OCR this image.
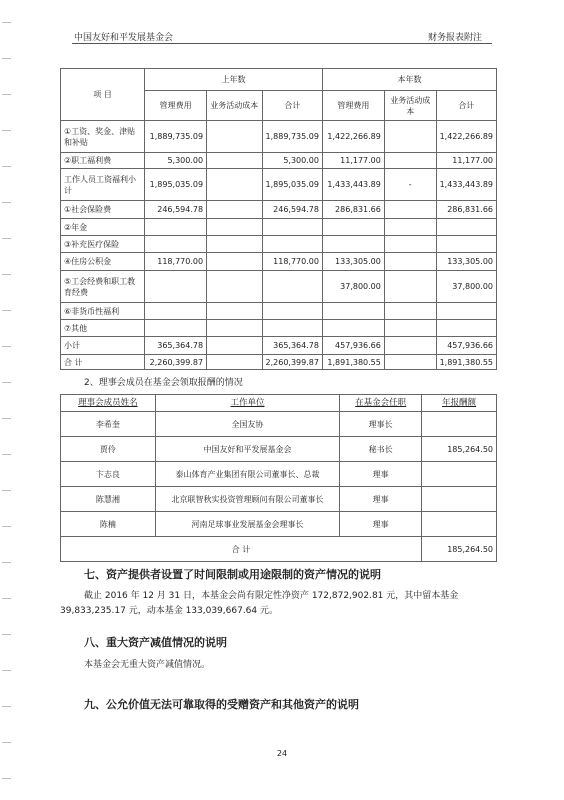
中国友好和平发展基金会	财务报表附注
项 目	上年数			本年数		
	管理费用	业务活动成本	合计	管理费用	业务活动成本	合计
①工资、奖金、津贴和补贴	1,889,735.09		1,889,735.09	1,422,266.89		1,422,266.89
②职工福利费	5,300.00		5,300.00	11,177.00		11,177.00
工作人员工资福利小计	1,895,035.09		1,895,035.09	1,433,443.89	-	1,433,443.89
①社会保险费	246,594.78		246,594.78	286,831.66		286,831.66
②年金						
③补充医疗保险						
④住房公积金	118,770.00		118,770.00	133,305.00		133,305.00
⑤工会经费和职工教育经费				37,800.00		37,800.00
⑥非货币性福利						
⑦其他						
小计	365,364.78		365,364.78	457,936.66		457,936.66
合 计	2,260,399.87		2,260,399.87	1,891,380.55		1,891,380.55
2、理事会成员在基金会领取报酬的情况
理事会成员姓名	工作单位	在基金会任职	年报酬额
李希奎	全国友协	理事长	
贾伶	中国友好和平发展基金会	秘书长	185,264.50
卞志良	泰山体育产业集团有限公司董事长、总裁	理事	
陈慧湘	北京联智秋实投资管理顾问有限公司董事长	理事	
陈楠	河南足球事业发展基金会理事长	理事	
合 计			185,264.50
七、资产提供者设置了时间限制或用途限制的资产情况的说明
截止 2016 年 12 月 31 日，本基金会尚有限定性净资产 172,872,902.81 元，其中留本基金 39,833,235.17 元，动本基金 133,039,667.64 元。
八、重大资产减值情况的说明
本基金会无重大资产减值情况。
九、公允价值无法可靠取得的受赠资产和其他资产的说明
24
